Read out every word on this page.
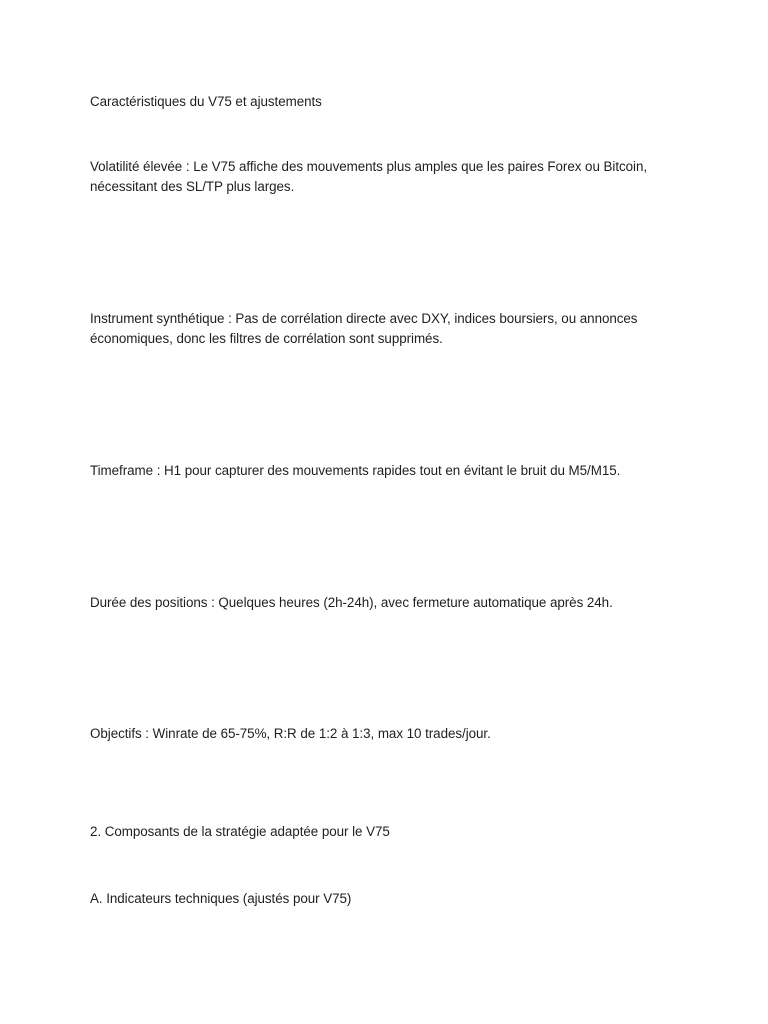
Caractéristiques du V75 et ajustements

Volatilité élevée : Le V75 affiche des mouvements plus amples que les paires Forex ou Bitcoin,
nécessitant des SL/TP plus larges.

Instrument synthétique : Pas de corrélation directe avec DXY, indices boursiers, ou annonces
économiques, donc les filtres de corrélation sont supprimés.

Timeframe : H1 pour capturer des mouvements rapides tout en évitant le bruit du M5/M15.

Durée des positions : Quelques heures (2h-24h), avec fermeture automatique après 24h.

Objectifs : Winrate de 65-75%, R:R de 1:2 à 1:3, max 10 trades/jour.

2. Composants de la stratégie adaptée pour le V75

A. Indicateurs techniques (ajustés pour V75)
